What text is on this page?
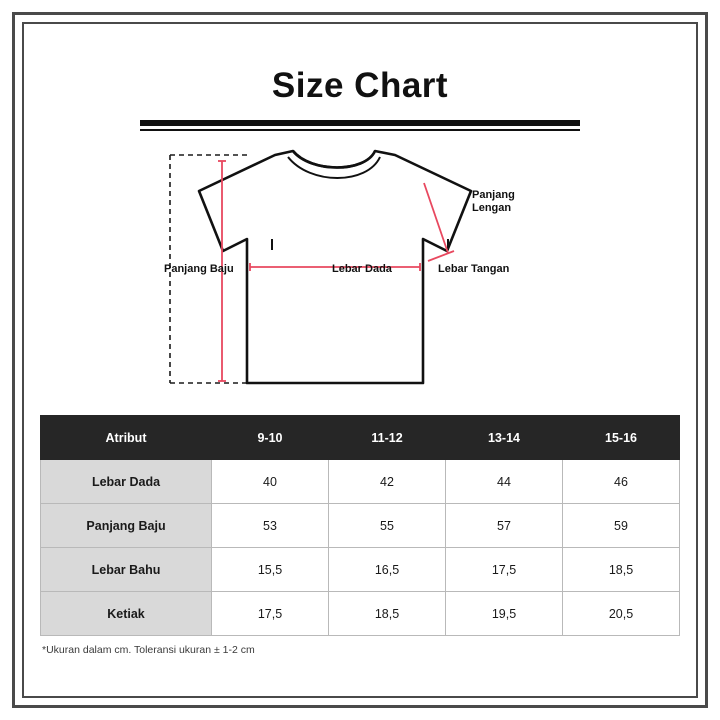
Size Chart
Panjang Baju	Lebar Dada
Panjang
Lengan
Lebar Tangan
Atribut	9-10	11-12	13-14	15-16
Lebar Dada	40	42	44	46
Panjang Baju	53	55	57	59
Lebar Bahu	15,5	16,5	17,5	18,5
Ketiak	17,5	18,5	19,5	20,5
*Ukuran dalam cm. Toleransi ukuran ± 1-2 cm
